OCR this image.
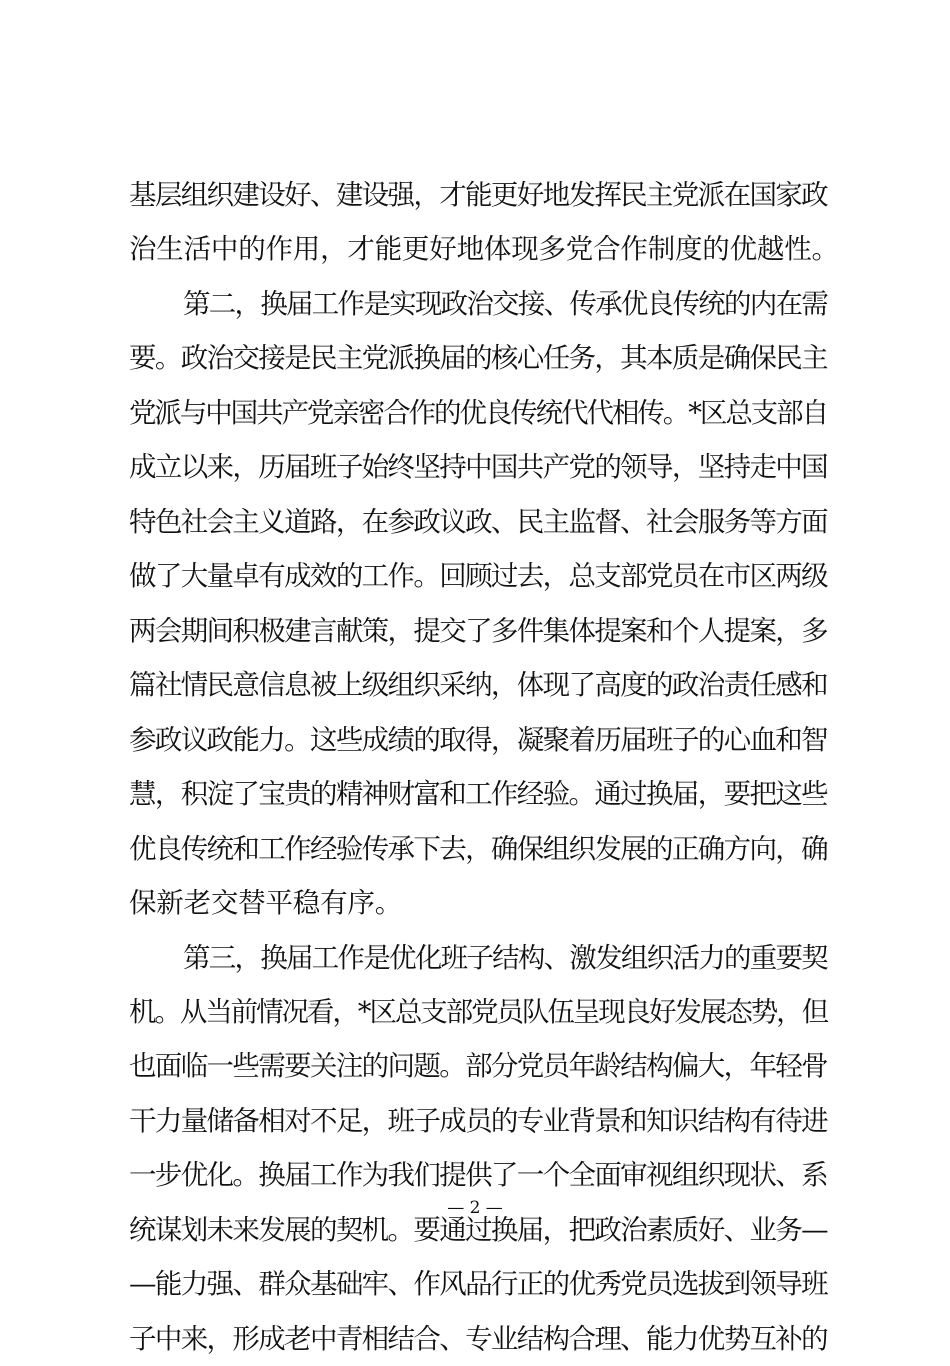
基层组织建设好、建设强，才能更好地发挥民主党派在国家政
治生活中的作用，才能更好地体现多党合作制度的优越性。
第二，换届工作是实现政治交接、传承优良传统的内在需
要。政治交接是民主党派换届的核心任务，其本质是确保民主
党派与中国共产党亲密合作的优良传统代代相传。*区总支部自
成立以来，历届班子始终坚持中国共产党的领导，坚持走中国
特色社会主义道路，在参政议政、民主监督、社会服务等方面
做了大量卓有成效的工作。回顾过去，总支部党员在市区两级
两会期间积极建言献策，提交了多件集体提案和个人提案，多
篇社情民意信息被上级组织采纳，体现了高度的政治责任感和
参政议政能力。这些成绩的取得，凝聚着历届班子的心血和智
慧，积淀了宝贵的精神财富和工作经验。通过换届，要把这些
优良传统和工作经验传承下去，确保组织发展的正确方向，确
保新老交替平稳有序。
第三，换届工作是优化班子结构、激发组织活力的重要契
机。从当前情况看，*区总支部党员队伍呈现良好发展态势，但
也面临一些需要关注的问题。部分党员年龄结构偏大，年轻骨
干力量储备相对不足，班子成员的专业背景和知识结构有待进
一步优化。换届工作为我们提供了一个全面审视组织现状、系
统谋划未来发展的契机。要通过换届，把政治素质好、业务—
—能力强、群众基础牢、作风品行正的优秀党员选拔到领导班
子中来，形成老中青相结合、专业结构合理、能力优势互补的
— 2 —
